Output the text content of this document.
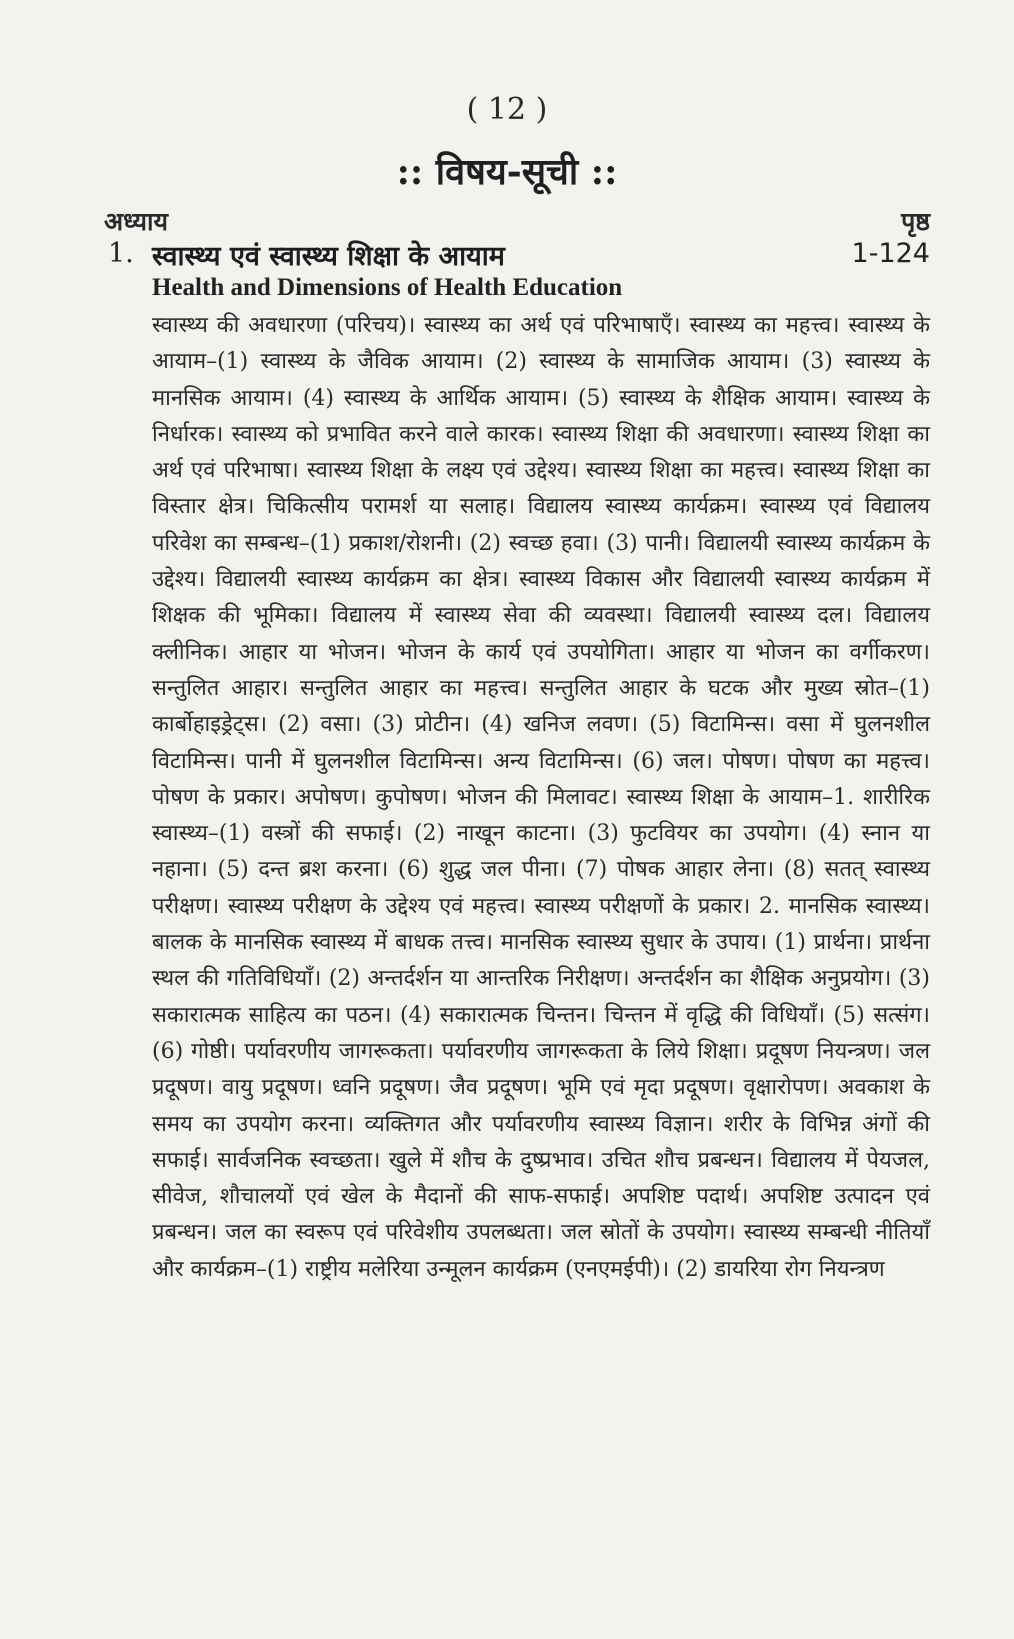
( 12 )
:: विषय-सूची ::
अध्याय	पृष्ठ
1. स्वास्थ्य एवं स्वास्थ्य शिक्षा के आयाम	1-124
Health and Dimensions of Health Education

स्वास्थ्य की अवधारणा (परिचय)। स्वास्थ्य का अर्थ एवं परिभाषाएँ। स्वास्थ्य का महत्त्व। स्वास्थ्य के आयाम–(1) स्वास्थ्य के जैविक आयाम। (2) स्वास्थ्य के सामाजिक आयाम। (3) स्वास्थ्य के मानसिक आयाम। (4) स्वास्थ्य के आर्थिक आयाम। (5) स्वास्थ्य के शैक्षिक आयाम। स्वास्थ्य के निर्धारक। स्वास्थ्य को प्रभावित करने वाले कारक। स्वास्थ्य शिक्षा की अवधारणा। स्वास्थ्य शिक्षा का अर्थ एवं परिभाषा। स्वास्थ्य शिक्षा के लक्ष्य एवं उद्देश्य। स्वास्थ्य शिक्षा का महत्त्व। स्वास्थ्य शिक्षा का विस्तार क्षेत्र। चिकित्सीय परामर्श या सलाह। विद्यालय स्वास्थ्य कार्यक्रम। स्वास्थ्य एवं विद्यालय परिवेश का सम्बन्ध–(1) प्रकाश/रोशनी। (2) स्वच्छ हवा। (3) पानी। विद्यालयी स्वास्थ्य कार्यक्रम के उद्देश्य। विद्यालयी स्वास्थ्य कार्यक्रम का क्षेत्र। स्वास्थ्य विकास और विद्यालयी स्वास्थ्य कार्यक्रम में शिक्षक की भूमिका। विद्यालय में स्वास्थ्य सेवा की व्यवस्था। विद्यालयी स्वास्थ्य दल। विद्यालय क्लीनिक। आहार या भोजन। भोजन के कार्य एवं उपयोगिता। आहार या भोजन का वर्गीकरण। सन्तुलित आहार। सन्तुलित आहार का महत्त्व। सन्तुलित आहार के घटक और मुख्य स्रोत–(1) कार्बोहाइड्रेट्स। (2) वसा। (3) प्रोटीन। (4) खनिज लवण। (5) विटामिन्स। वसा में घुलनशील विटामिन्स। पानी में घुलनशील विटामिन्स। अन्य विटामिन्स। (6) जल। पोषण। पोषण का महत्त्व। पोषण के प्रकार। अपोषण। कुपोषण। भोजन की मिलावट। स्वास्थ्य शिक्षा के आयाम–1. शारीरिक स्वास्थ्य–(1) वस्त्रों की सफाई। (2) नाखून काटना। (3) फुटवियर का उपयोग। (4) स्नान या नहाना। (5) दन्त ब्रश करना। (6) शुद्ध जल पीना। (7) पोषक आहार लेना। (8) सतत् स्वास्थ्य परीक्षण। स्वास्थ्य परीक्षण के उद्देश्य एवं महत्त्व। स्वास्थ्य परीक्षणों के प्रकार। 2. मानसिक स्वास्थ्य। बालक के मानसिक स्वास्थ्य में बाधक तत्त्व। मानसिक स्वास्थ्य सुधार के उपाय। (1) प्रार्थना। प्रार्थना स्थल की गतिविधियाँ। (2) अन्तर्दर्शन या आन्तरिक निरीक्षण। अन्तर्दर्शन का शैक्षिक अनुप्रयोग। (3) सकारात्मक साहित्य का पठन। (4) सकारात्मक चिन्तन। चिन्तन में वृद्धि की विधियाँ। (5) सत्संग। (6) गोष्ठी। पर्यावरणीय जागरूकता। पर्यावरणीय जागरूकता के लिये शिक्षा। प्रदूषण नियन्त्रण। जल प्रदूषण। वायु प्रदूषण। ध्वनि प्रदूषण। जैव प्रदूषण। भूमि एवं मृदा प्रदूषण। वृक्षारोपण। अवकाश के समय का उपयोग करना। व्यक्तिगत और पर्यावरणीय स्वास्थ्य विज्ञान। शरीर के विभिन्न अंगों की सफाई। सार्वजनिक स्वच्छता। खुले में शौच के दुष्प्रभाव। उचित शौच प्रबन्धन। विद्यालय में पेयजल, सीवेज, शौचालयों एवं खेल के मैदानों की साफ-सफाई। अपशिष्ट पदार्थ। अपशिष्ट उत्पादन एवं प्रबन्धन। जल का स्वरूप एवं परिवेशीय उपलब्धता। जल स्रोतों के उपयोग। स्वास्थ्य सम्बन्धी नीतियाँ और कार्यक्रम–(1) राष्ट्रीय मलेरिया उन्मूलन कार्यक्रम (एनएमईपी)। (2) डायरिया रोग नियन्त्रण
